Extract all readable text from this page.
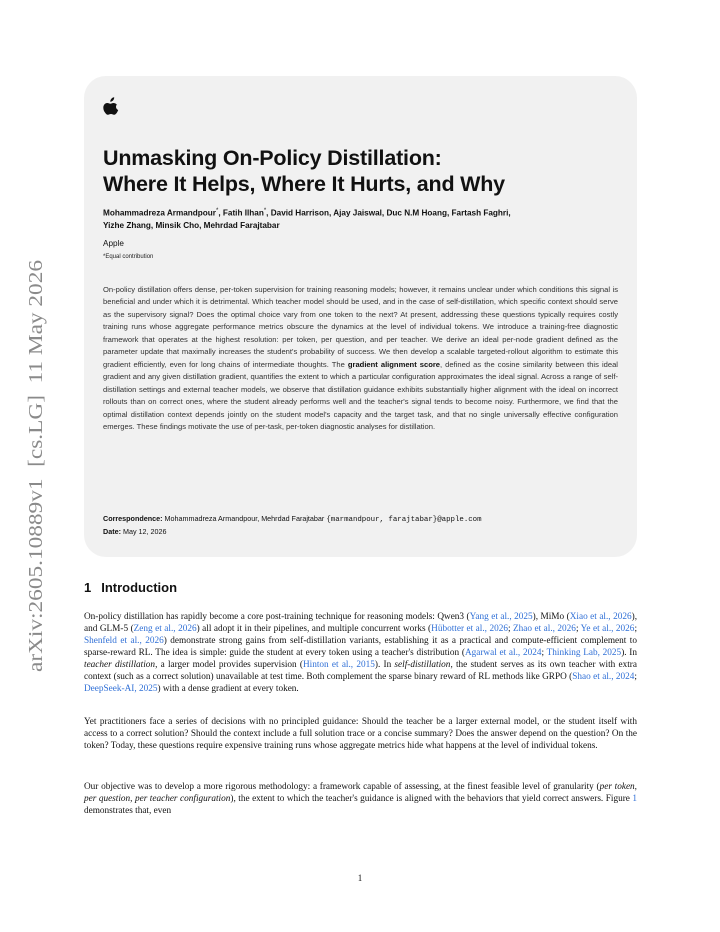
arXiv:2605.10889v1  [cs.LG]  11 May 2026
Unmasking On-Policy Distillation:
Where It Helps, Where It Hurts, and Why
Mohammadreza Armandpour*, Fatih Ilhan*, David Harrison, Ajay Jaiswal, Duc N.M Hoang, Fartash Faghri,
Yizhe Zhang, Minsik Cho, Mehrdad Farajtabar
Apple
*Equal contribution
On-policy distillation offers dense, per-token supervision for training reasoning models; however, it remains unclear under which conditions this signal is beneficial and under which it is detrimental. Which teacher model should be used, and in the case of self-distillation, which specific context should serve as the supervisory signal? Does the optimal choice vary from one token to the next? At present, addressing these questions typically requires costly training runs whose aggregate performance metrics obscure the dynamics at the level of individual tokens. We introduce a training-free diagnostic framework that operates at the highest resolution: per token, per question, and per teacher. We derive an ideal per-node gradient defined as the parameter update that maximally increases the student's probability of success. We then develop a scalable targeted-rollout algorithm to estimate this gradient efficiently, even for long chains of intermediate thoughts. The gradient alignment score, defined as the cosine similarity between this ideal gradient and any given distillation gradient, quantifies the extent to which a particular configuration approximates the ideal signal. Across a range of self-distillation settings and external teacher models, we observe that distillation guidance exhibits substantially higher alignment with the ideal on incorrect rollouts than on correct ones, where the student already performs well and the teacher's signal tends to become noisy. Furthermore, we find that the optimal distillation context depends jointly on the student model's capacity and the target task, and that no single universally effective configuration emerges. These findings motivate the use of per-task, per-token diagnostic analyses for distillation.
Correspondence: Mohammadreza Armandpour, Mehrdad Farajtabar {marmandpour, farajtabar}@apple.com
Date: May 12, 2026
1 Introduction

On-policy distillation has rapidly become a core post-training technique for reasoning models: Qwen3 (Yang et al., 2025), MiMo (Xiao et al., 2026), and GLM-5 (Zeng et al., 2026) all adopt it in their pipelines, and multiple concurrent works (Hübotter et al., 2026; Zhao et al., 2026; Ye et al., 2026; Shenfeld et al., 2026) demonstrate strong gains from self-distillation variants, establishing it as a practical and compute-efficient complement to sparse-reward RL. The idea is simple: guide the student at every token using a teacher's distribution (Agarwal et al., 2024; Thinking Lab, 2025). In teacher distillation, a larger model provides supervision (Hinton et al., 2015). In self-distillation, the student serves as its own teacher with extra context (such as a correct solution) unavailable at test time. Both complement the sparse binary reward of RL methods like GRPO (Shao et al., 2024; DeepSeek-AI, 2025) with a dense gradient at every token.

Yet practitioners face a series of decisions with no principled guidance: Should the teacher be a larger external model, or the student itself with access to a correct solution? Should the context include a full solution trace or a concise summary? Does the answer depend on the question? On the token? Today, these questions require expensive training runs whose aggregate metrics hide what happens at the level of individual tokens.

Our objective was to develop a more rigorous methodology: a framework capable of assessing, at the finest feasible level of granularity (per token, per question, per teacher configuration), the extent to which the teacher's guidance is aligned with the behaviors that yield correct answers. Figure 1 demonstrates that, even

1
